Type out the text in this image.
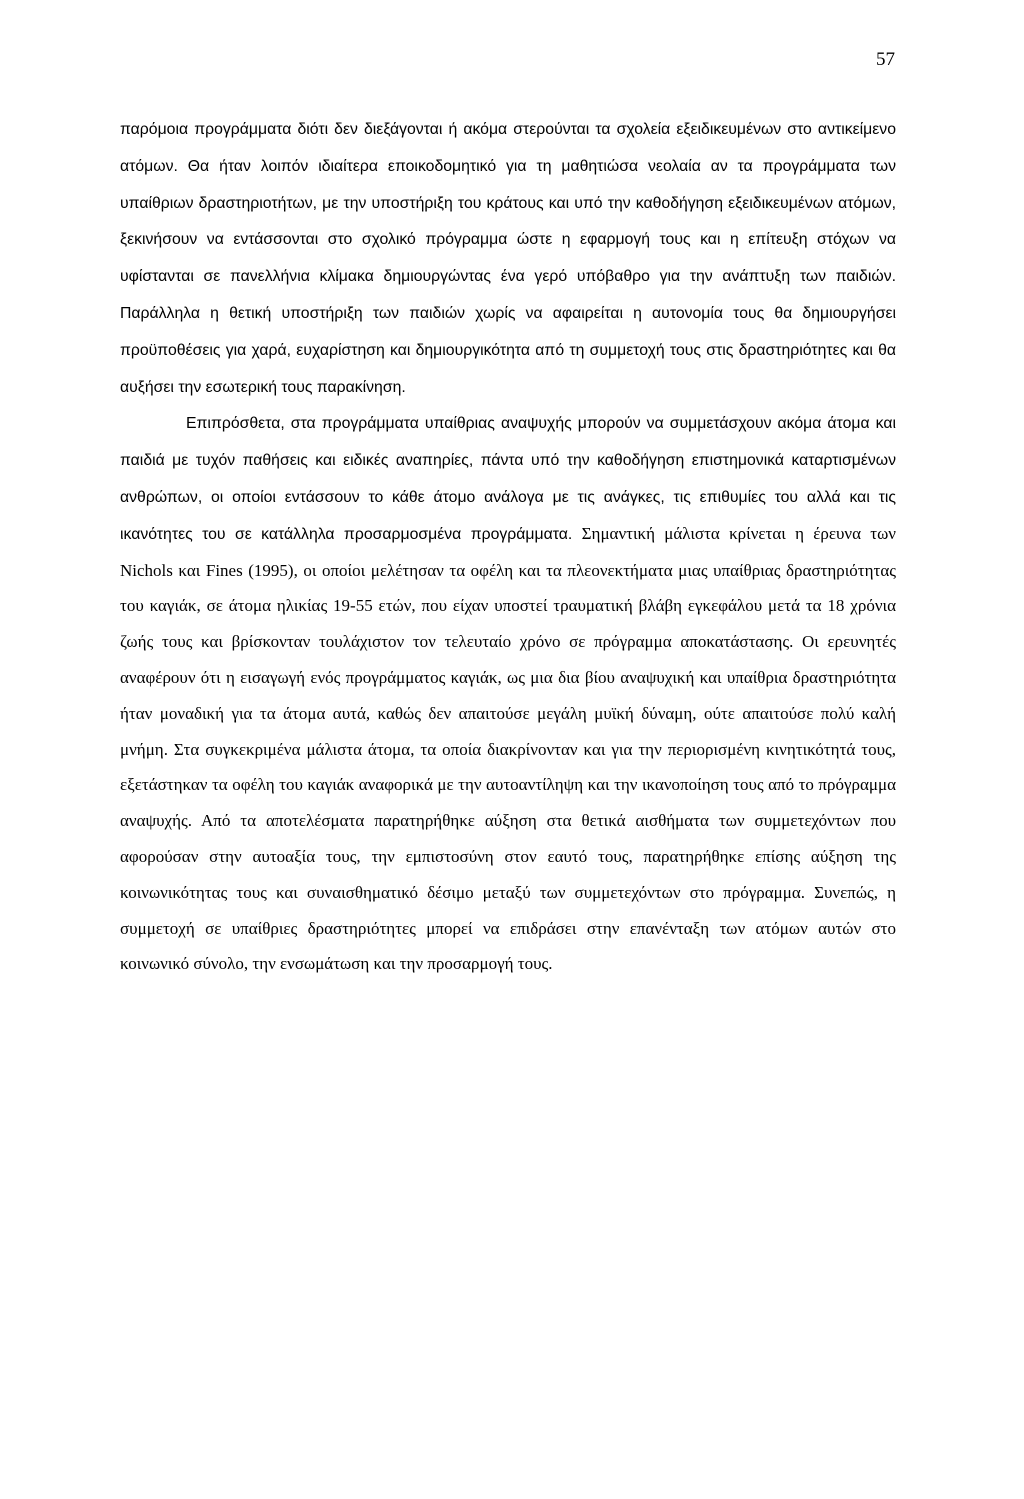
57

παρόμοια προγράμματα διότι δεν διεξάγονται ή ακόμα στερούνται τα σχολεία εξειδικευμένων στο αντικείμενο ατόμων. Θα ήταν λοιπόν ιδιαίτερα εποικοδομητικό για τη μαθητιώσα νεολαία αν τα προγράμματα των υπαίθριων δραστηριοτήτων, με την υποστήριξη του κράτους και υπό την καθοδήγηση εξειδικευμένων ατόμων, ξεκινήσουν να εντάσσονται στο σχολικό πρόγραμμα ώστε η εφαρμογή τους και η επίτευξη στόχων να υφίστανται σε πανελλήνια κλίμακα δημιουργώντας ένα γερό υπόβαθρο για την ανάπτυξη των παιδιών. Παράλληλα η θετική υποστήριξη των παιδιών χωρίς να αφαιρείται η αυτονομία τους θα δημιουργήσει προϋποθέσεις για χαρά, ευχαρίστηση και δημιουργικότητα από τη συμμετοχή τους στις δραστηριότητες και θα αυξήσει την εσωτερική τους παρακίνηση.

Επιπρόσθετα, στα προγράμματα υπαίθριας αναψυχής μπορούν να συμμετάσχουν ακόμα άτομα και παιδιά με τυχόν παθήσεις και ειδικές αναπηρίες, πάντα υπό την καθοδήγηση επιστημονικά καταρτισμένων ανθρώπων, οι οποίοι εντάσσουν το κάθε άτομο ανάλογα με τις ανάγκες, τις επιθυμίες του αλλά και τις ικανότητες του σε κατάλληλα προσαρμοσμένα προγράμματα. Σημαντική μάλιστα κρίνεται η έρευνα των Nichols και Fines (1995), οι οποίοι μελέτησαν τα οφέλη και τα πλεονεκτήματα μιας υπαίθριας δραστηριότητας του καγιάκ, σε άτομα ηλικίας 19-55 ετών, που είχαν υποστεί τραυματική βλάβη εγκεφάλου μετά τα 18 χρόνια ζωής τους και βρίσκονταν τουλάχιστον τον τελευταίο χρόνο σε πρόγραμμα αποκατάστασης. Οι ερευνητές αναφέρουν ότι η εισαγωγή ενός προγράμματος καγιάκ, ως μια δια βίου αναψυχική και υπαίθρια δραστηριότητα ήταν μοναδική για τα άτομα αυτά, καθώς δεν απαιτούσε μεγάλη μυϊκή δύναμη, ούτε απαιτούσε πολύ καλή μνήμη. Στα συγκεκριμένα μάλιστα άτομα, τα οποία διακρίνονταν και για την περιορισμένη κινητικότητά τους, εξετάστηκαν τα οφέλη του καγιάκ αναφορικά με την αυτοαντίληψη και την ικανοποίηση τους από το πρόγραμμα αναψυχής. Από τα αποτελέσματα παρατηρήθηκε αύξηση στα θετικά αισθήματα των συμμετεχόντων που αφορούσαν στην αυτοαξία τους, την εμπιστοσύνη στον εαυτό τους, παρατηρήθηκε επίσης αύξηση της κοινωνικότητας τους και συναισθηματικό δέσιμο μεταξύ των συμμετεχόντων στο πρόγραμμα. Συνεπώς, η συμμετοχή σε υπαίθριες δραστηριότητες μπορεί να επιδράσει στην επανένταξη των ατόμων αυτών στο κοινωνικό σύνολο, την ενσωμάτωση και την προσαρμογή τους.
